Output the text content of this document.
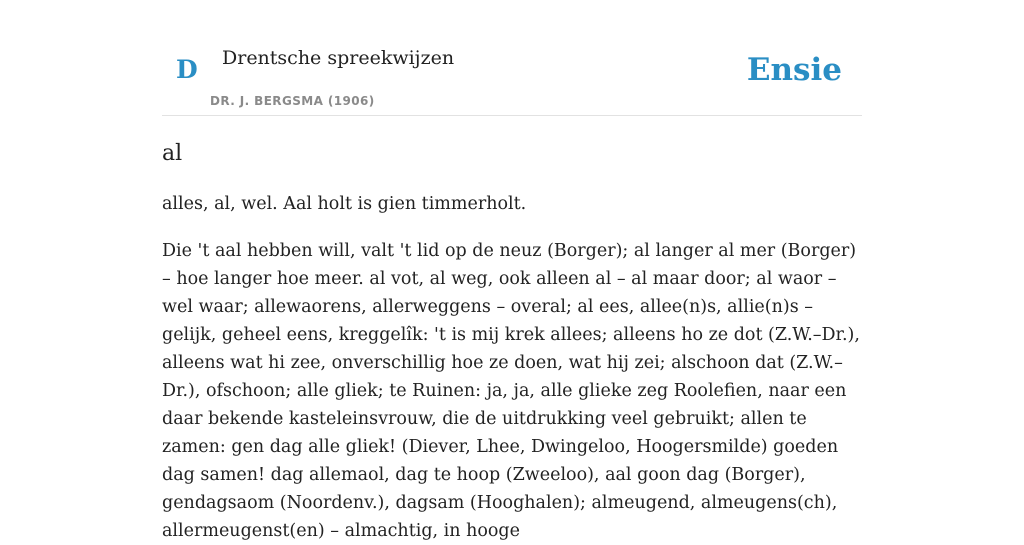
D Drentsche spreekwijzen
DR. J. BERGSMA (1906)
Ensie
al

alles, al, wel. Aal holt is gien timmerholt.

Die 't aal hebben will, valt 't lid op de neuz (Borger); al langer al mer (Borger) – hoe langer hoe meer. al vot, al weg, ook alleen al – al maar door; al waor – wel waar; allewaorens, allerweggens – overal; al ees, allee(n)s, allie(n)s – gelijk, geheel eens, kreggelîk: 't is mij krek allees; alleens ho ze dot (Z.W.–Dr.), alleens wat hi zee, onverschillig hoe ze doen, wat hij zei; alschoon dat (Z.W.–Dr.), ofschoon; alle gliek; te Ruinen: ja, ja, alle glieke zeg Roolefien, naar een daar bekende kasteleinsvrouw, die de uitdrukking veel gebruikt; allen te zamen: gen dag alle gliek! (Diever, Lhee, Dwingeloo, Hoogersmilde) goeden dag samen! dag allemaol, dag te hoop (Zweeloo), aal goon dag (Borger), gendagsaom (Noordenv.), dagsam (Hooghalen); almeugend, almeugens(ch), allermeugenst(en) – almachtig, in hooge
